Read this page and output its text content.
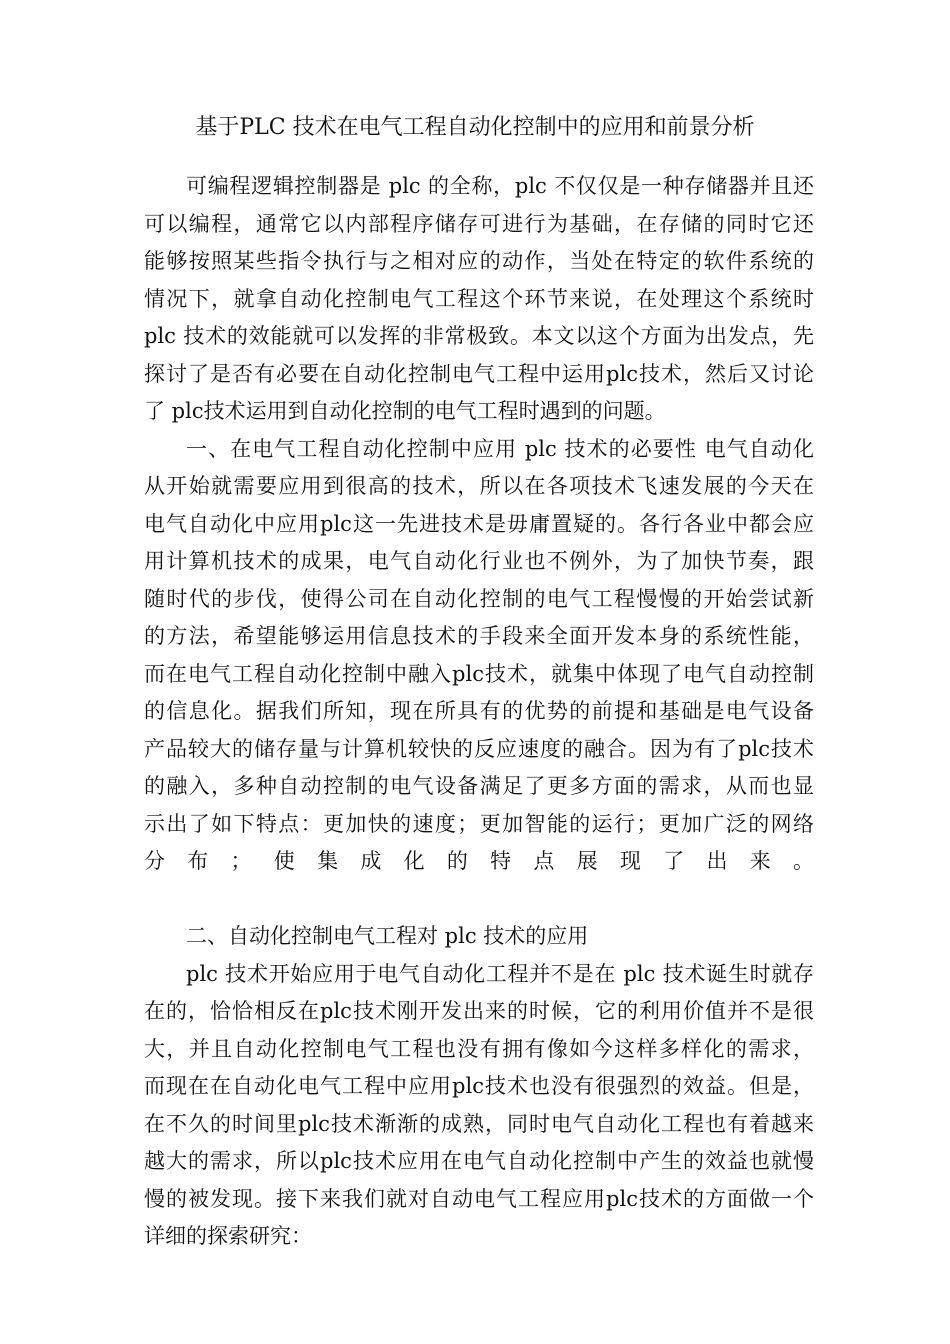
基于PLC 技术在电气工程自动化控制中的应用和前景分析

可编程逻辑控制器是 plc 的全称，plc 不仅仅是一种存储器并且还
可以编程，通常它以内部程序储存可进行为基础，在存储的同时它还
能够按照某些指令执行与之相对应的动作，当处在特定的软件系统的
情况下，就拿自动化控制电气工程这个环节来说，在处理这个系统时
plc 技术的效能就可以发挥的非常极致。本文以这个方面为出发点，先
探讨了是否有必要在自动化控制电气工程中运用plc技术，然后又讨论
了 plc技术运用到自动化控制的电气工程时遇到的问题。

一、在电气工程自动化控制中应用 plc 技术的必要性 电气自动化
从开始就需要应用到很高的技术，所以在各项技术飞速发展的今天在
电气自动化中应用plc这一先进技术是毋庸置疑的。各行各业中都会应
用计算机技术的成果，电气自动化行业也不例外，为了加快节奏，跟
随时代的步伐，使得公司在自动化控制的电气工程慢慢的开始尝试新
的方法，希望能够运用信息技术的手段来全面开发本身的系统性能，
而在电气工程自动化控制中融入plc技术，就集中体现了电气自动控制
的信息化。据我们所知，现在所具有的优势的前提和基础是电气设备
产品较大的储存量与计算机较快的反应速度的融合。因为有了plc技术
的融入，多种自动控制的电气设备满足了更多方面的需求，从而也显
示出了如下特点：更加快的速度；更加智能的运行；更加广泛的网络
分布；使集成化的特点展现了出来。

二、自动化控制电气工程对 plc 技术的应用

plc 技术开始应用于电气自动化工程并不是在 plc 技术诞生时就存
在的，恰恰相反在plc技术刚开发出来的时候，它的利用价值并不是很
大，并且自动化控制电气工程也没有拥有像如今这样多样化的需求，
而现在在自动化电气工程中应用plc技术也没有很强烈的效益。但是，
在不久的时间里plc技术渐渐的成熟，同时电气自动化工程也有着越来
越大的需求，所以plc技术应用在电气自动化控制中产生的效益也就慢
慢的被发现。接下来我们就对自动电气工程应用plc技术的方面做一个
详细的探索研究：
